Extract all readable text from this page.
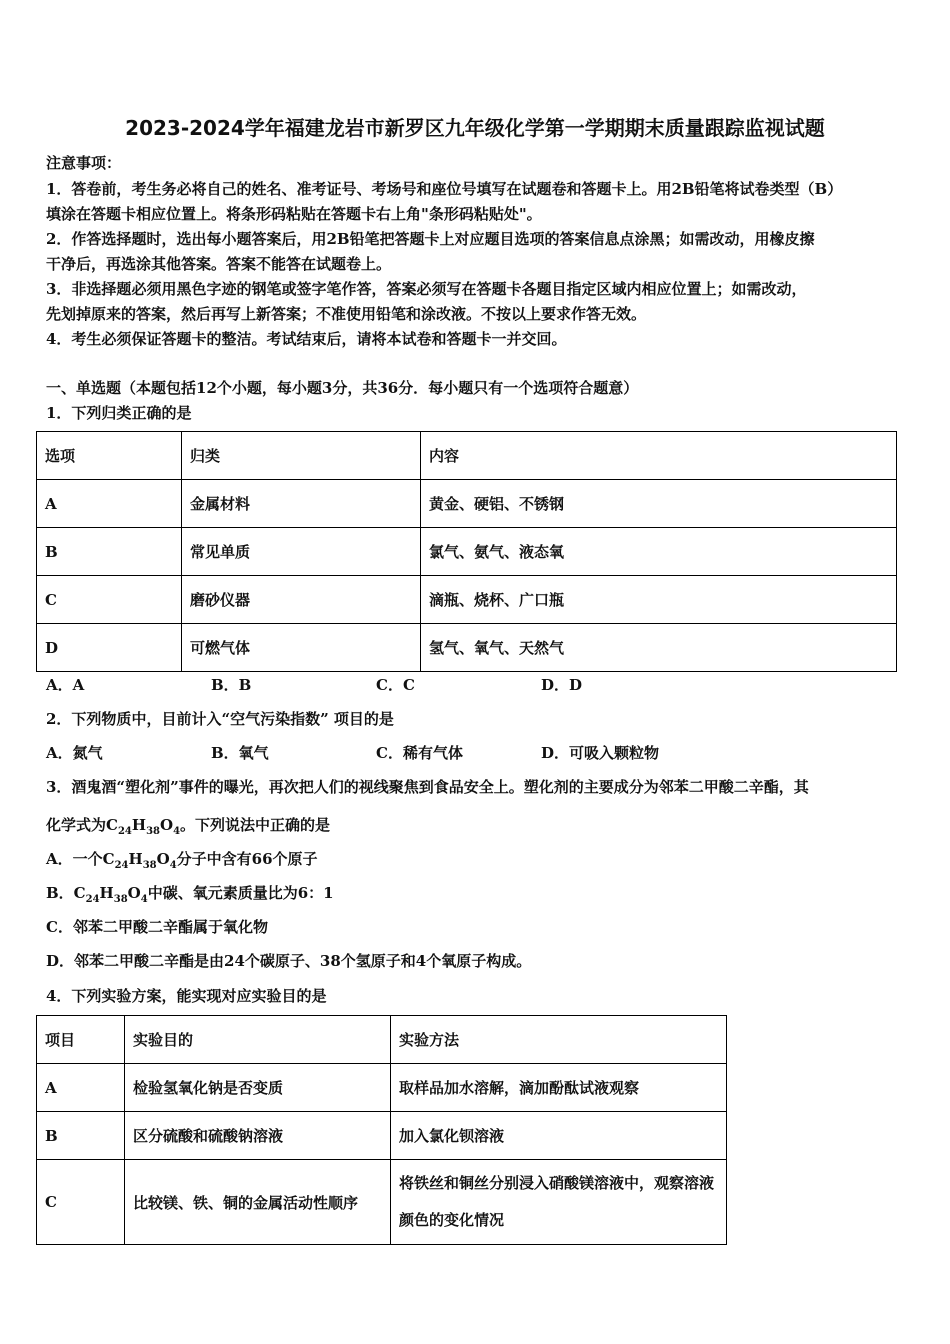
2023-2024学年福建龙岩市新罗区九年级化学第一学期期末质量跟踪监视试题
注意事项：
1．答卷前，考生务必将自己的姓名、准考证号、考场号和座位号填写在试题卷和答题卡上。用2B铅笔将试卷类型（B）
填涂在答题卡相应位置上。将条形码粘贴在答题卡右上角"条形码粘贴处"。
2．作答选择题时，选出每小题答案后，用2B铅笔把答题卡上对应题目选项的答案信息点涂黑；如需改动，用橡皮擦
干净后，再选涂其他答案。答案不能答在试题卷上。
3．非选择题必须用黑色字迹的钢笔或签字笔作答，答案必须写在答题卡各题目指定区域内相应位置上；如需改动，
先划掉原来的答案，然后再写上新答案；不准使用铅笔和涂改液。不按以上要求作答无效。
4．考生必须保证答题卡的整洁。考试结束后，请将本试卷和答题卡一并交回。
一、单选题（本题包括12个小题，每小题3分，共36分．每小题只有一个选项符合题意）
1．下列归类正确的是
选项	归类	内容
A	金属材料	黄金、硬铝、不锈钢
B	常见单质	氯气、氨气、液态氧
C	磨砂仪器	滴瓶、烧杯、广口瓶
D	可燃气体	氢气、氧气、天然气
A．A	B．B	C．C	D．D
2．下列物质中，目前计入“空气污染指数” 项目的是
A．氮气	B．氧气	C．稀有气体	D．可吸入颗粒物
3．酒鬼酒“塑化剂”事件的曝光，再次把人们的视线聚焦到食品安全上。塑化剂的主要成分为邻苯二甲酸二辛酯，其
化学式为$C_{24}H_{38}O_4$。下列说法中正确的是
A．一个$C_{24}H_{38}O_4$分子中含有66个原子
B．$C_{24}H_{38}O_4$中碳、氧元素质量比为6：1
C．邻苯二甲酸二辛酯属于氧化物
D．邻苯二甲酸二辛酯是由24个碳原子、38个氢原子和4个氧原子构成。
4．下列实验方案，能实现对应实验目的是
项目	实验目的	实验方法
A	检验氢氧化钠是否变质	取样品加水溶解，滴加酚酞试液观察
B	区分硫酸和硫酸钠溶液	加入氯化钡溶液
C	比较镁、铁、铜的金属活动性顺序	将铁丝和铜丝分别浸入硝酸镁溶液中，观察溶液颜色的变化情况
